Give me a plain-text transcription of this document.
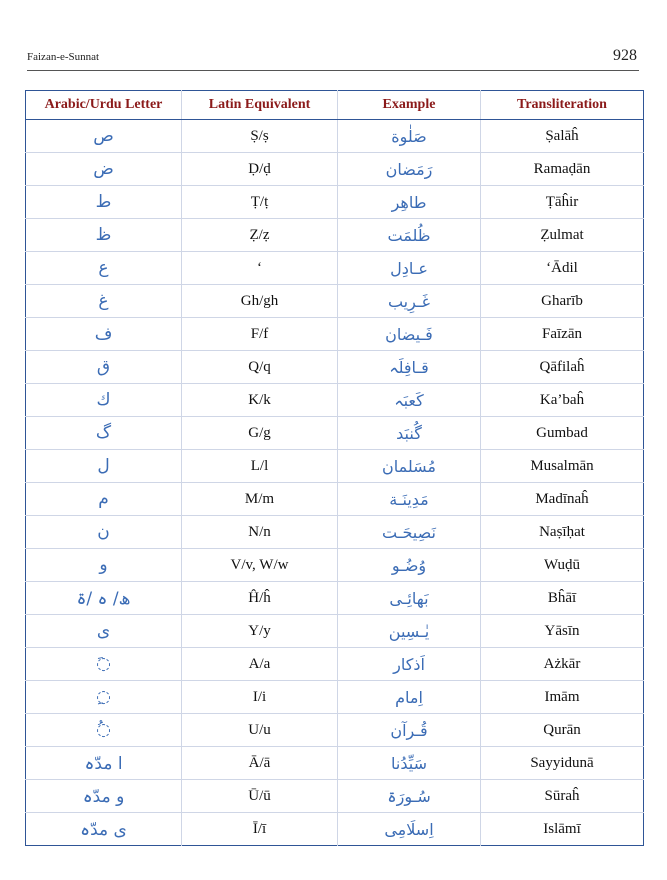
Faizan-e-Sunnat	928
Arabic/Urdu Letter	Latin Equivalent	Example	Transliteration
ص	Ṣ/ṣ	صَلٰوة	Ṣalāĥ
ض	Ḍ/ḍ	رَمَضان	Ramaḍān
ط	Ṭ/ṭ	طاھِر	Ṭāĥir
ظ	Ẓ/ẓ	ظُلمَت	Ẓulmat
ع	‘	عـادِل	‘Ādil
غ	Gh/gh	غَـرِیب	Gharīb
ف	F/f	فَـیضان	Faīzān
ق	Q/q	قـافِلَہ	Qāfilaĥ
ك	K/k	کَعبَہ	Ka’baĥ
گ	G/g	گُنبَد	Gumbad
ل	L/l	مُسَلمان	Musalmān
م	M/m	مَدِینَـة	Madīnaĥ
ن	N/n	نَصِیحَـت	Naṣīḥat
و	V/v, W/w	وُضُـو	Wuḍū
ھ/ ہ /ۃ	Ĥ/ĥ	بَھائِـی	Bĥāī
ی	Y/y	یٰـسِین	Yāsīn
◌َ	A/a	اَذکار	Ażkār
◌ِ	I/i	اِمام	Imām
◌ُ	U/u	قُـرآن	Qurān
ا مدّہ	Ā/ā	سَیِّدُنا	Sayyidunā
و مدّہ	Ū/ū	سُـورَۃ	Sūraĥ
ی مدّہ	Ī/ī	اِسلَامِی	Islāmī
